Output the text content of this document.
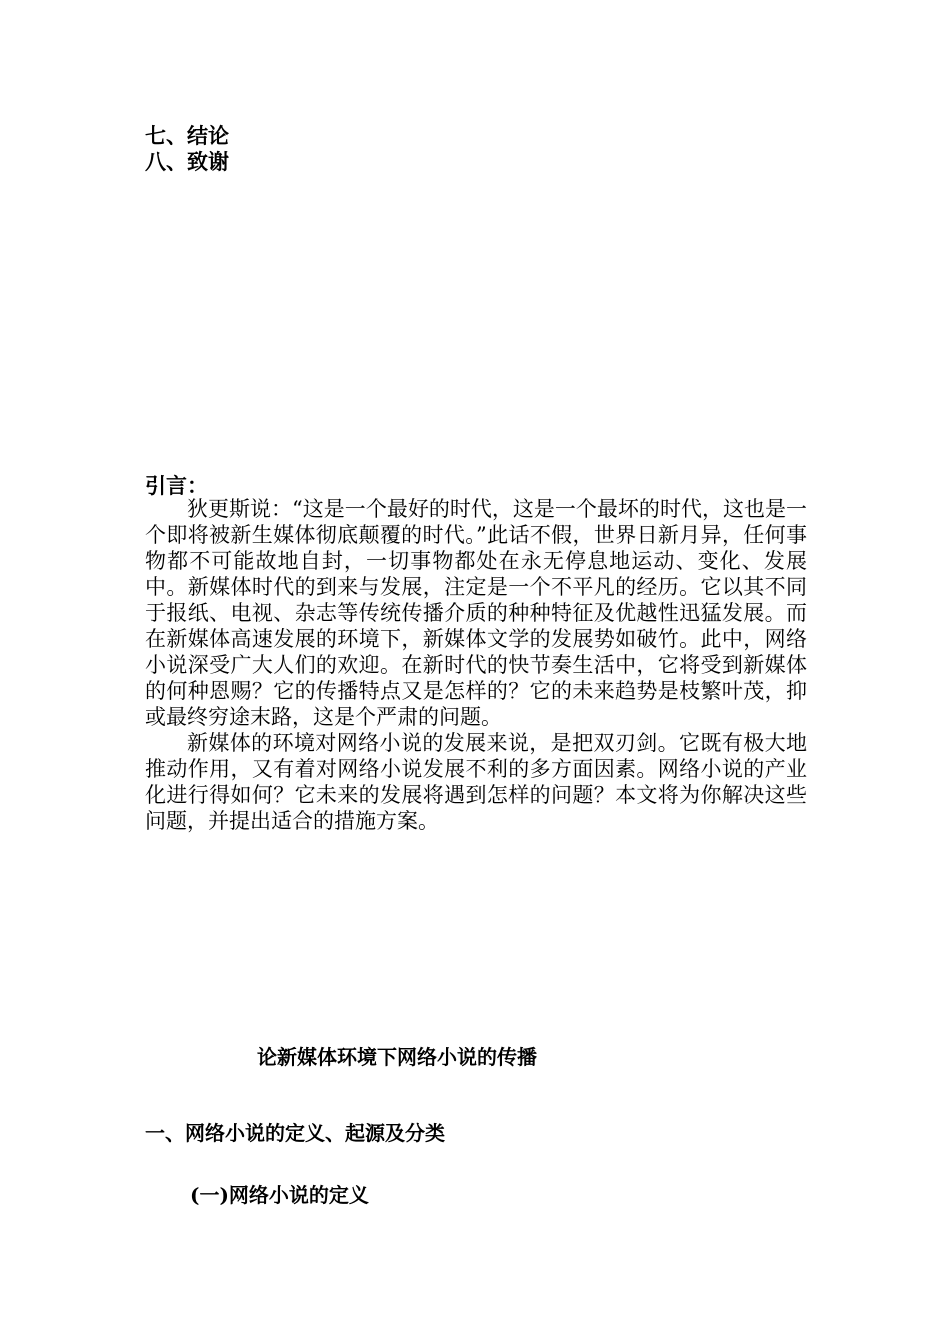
七、结论

八、致谢

引言：

狄更斯说：“这是一个最好的时代，这是一个最坏的时代，这也是一个即将被新生媒体彻底颠覆的时代。”此话不假，世界日新月异，任何事物都不可能故地自封，一切事物都处在永无停息地运动、变化、发展中。新媒体时代的到来与发展，注定是一个不平凡的经历。它以其不同于报纸、电视、杂志等传统传播介质的种种特征及优越性迅猛发展。而在新媒体高速发展的环境下，新媒体文学的发展势如破竹。此中，网络小说深受广大人们的欢迎。在新时代的快节奏生活中，它将受到新媒体的何种恩赐？它的传播特点又是怎样的？它的未来趋势是枝繁叶茂，抑或最终穷途末路，这是个严肃的问题。

新媒体的环境对网络小说的发展来说，是把双刃剑。它既有极大地推动作用，又有着对网络小说发展不利的多方面因素。网络小说的产业化进行得如何？它未来的发展将遇到怎样的问题？本文将为你解决这些问题，并提出适合的措施方案。

论新媒体环境下网络小说的传播
一、网络小说的定义、起源及分类
(一)网络小说的定义
